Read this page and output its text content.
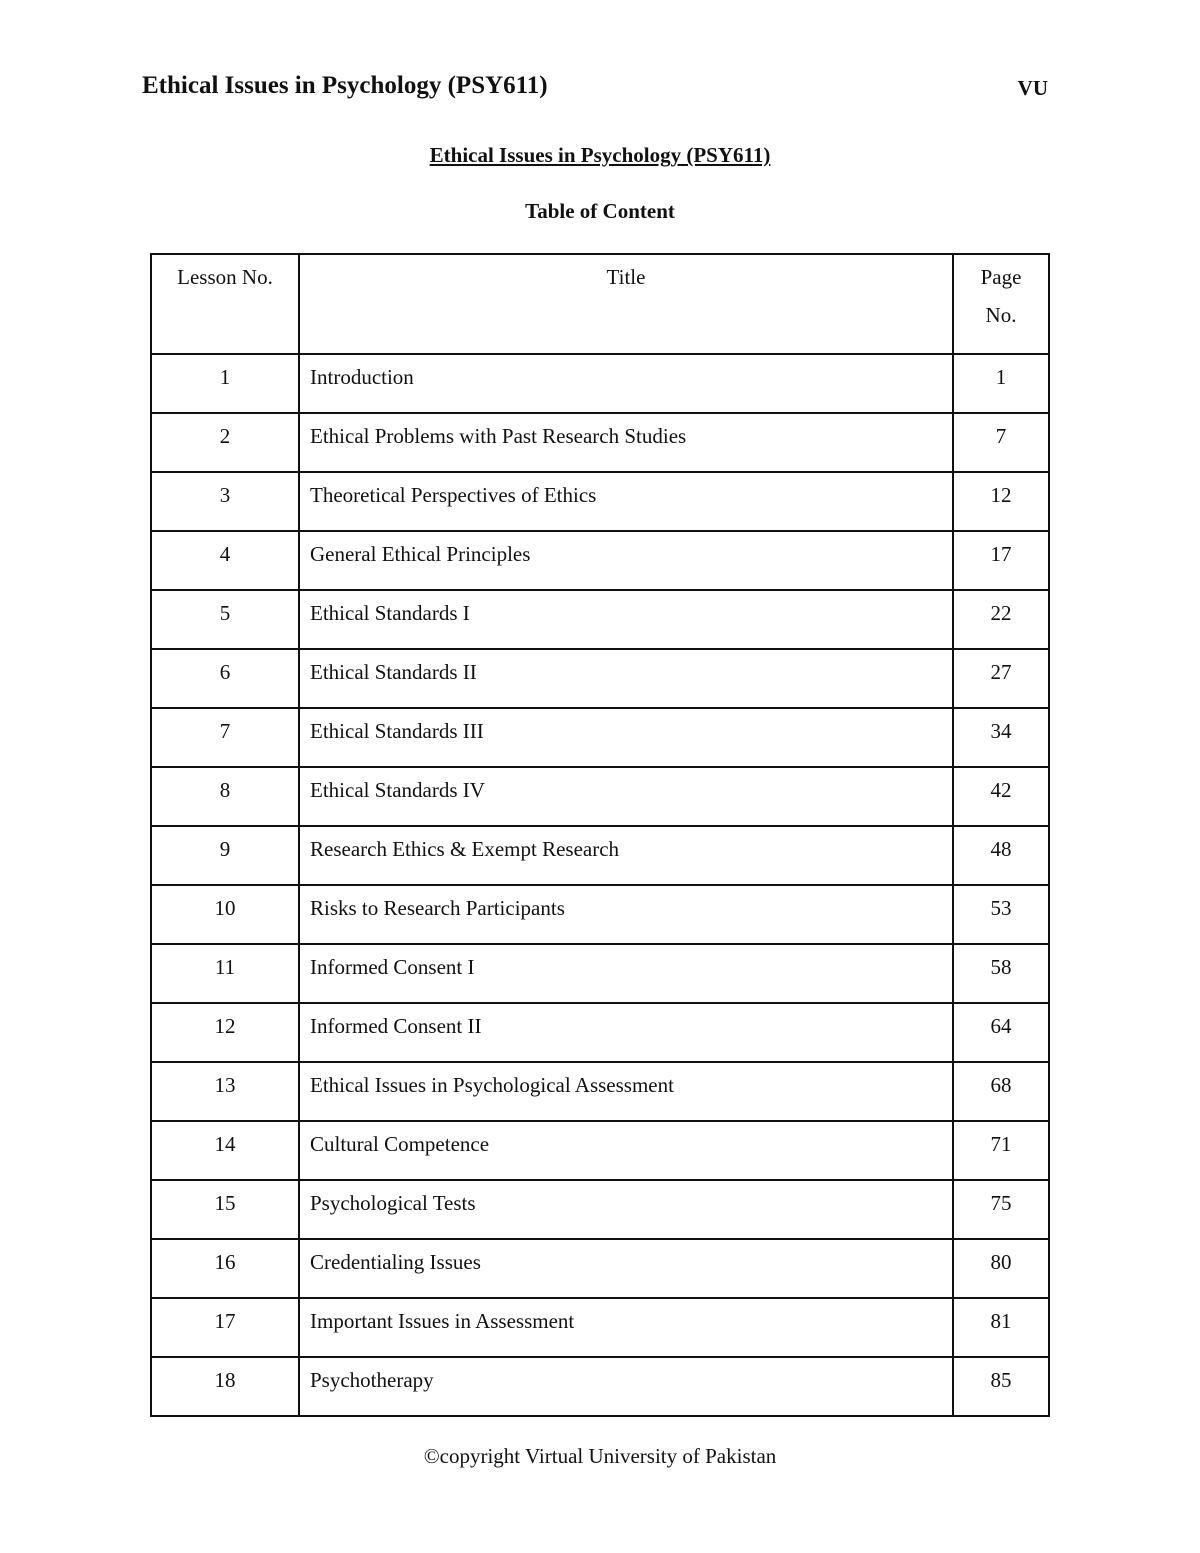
Ethical Issues in Psychology (PSY611)	VU
Ethical Issues in Psychology (PSY611)
Table of Content
Lesson No.	Title	Page
No.

1	Introduction	1
2	Ethical Problems with Past Research Studies	7
3	Theoretical Perspectives of Ethics	12
4	General Ethical Principles	17
5	Ethical Standards I	22
6	Ethical Standards II	27
7	Ethical Standards III	34
8	Ethical Standards IV	42
9	Research Ethics & Exempt Research	48
10	Risks to Research Participants	53
11	Informed Consent I	58
12	Informed Consent II	64
13	Ethical Issues in Psychological Assessment	68
14	Cultural Competence	71
15	Psychological Tests	75
16	Credentialing Issues	80
17	Important Issues in Assessment	81
18	Psychotherapy	85
©copyright Virtual University of Pakistan
